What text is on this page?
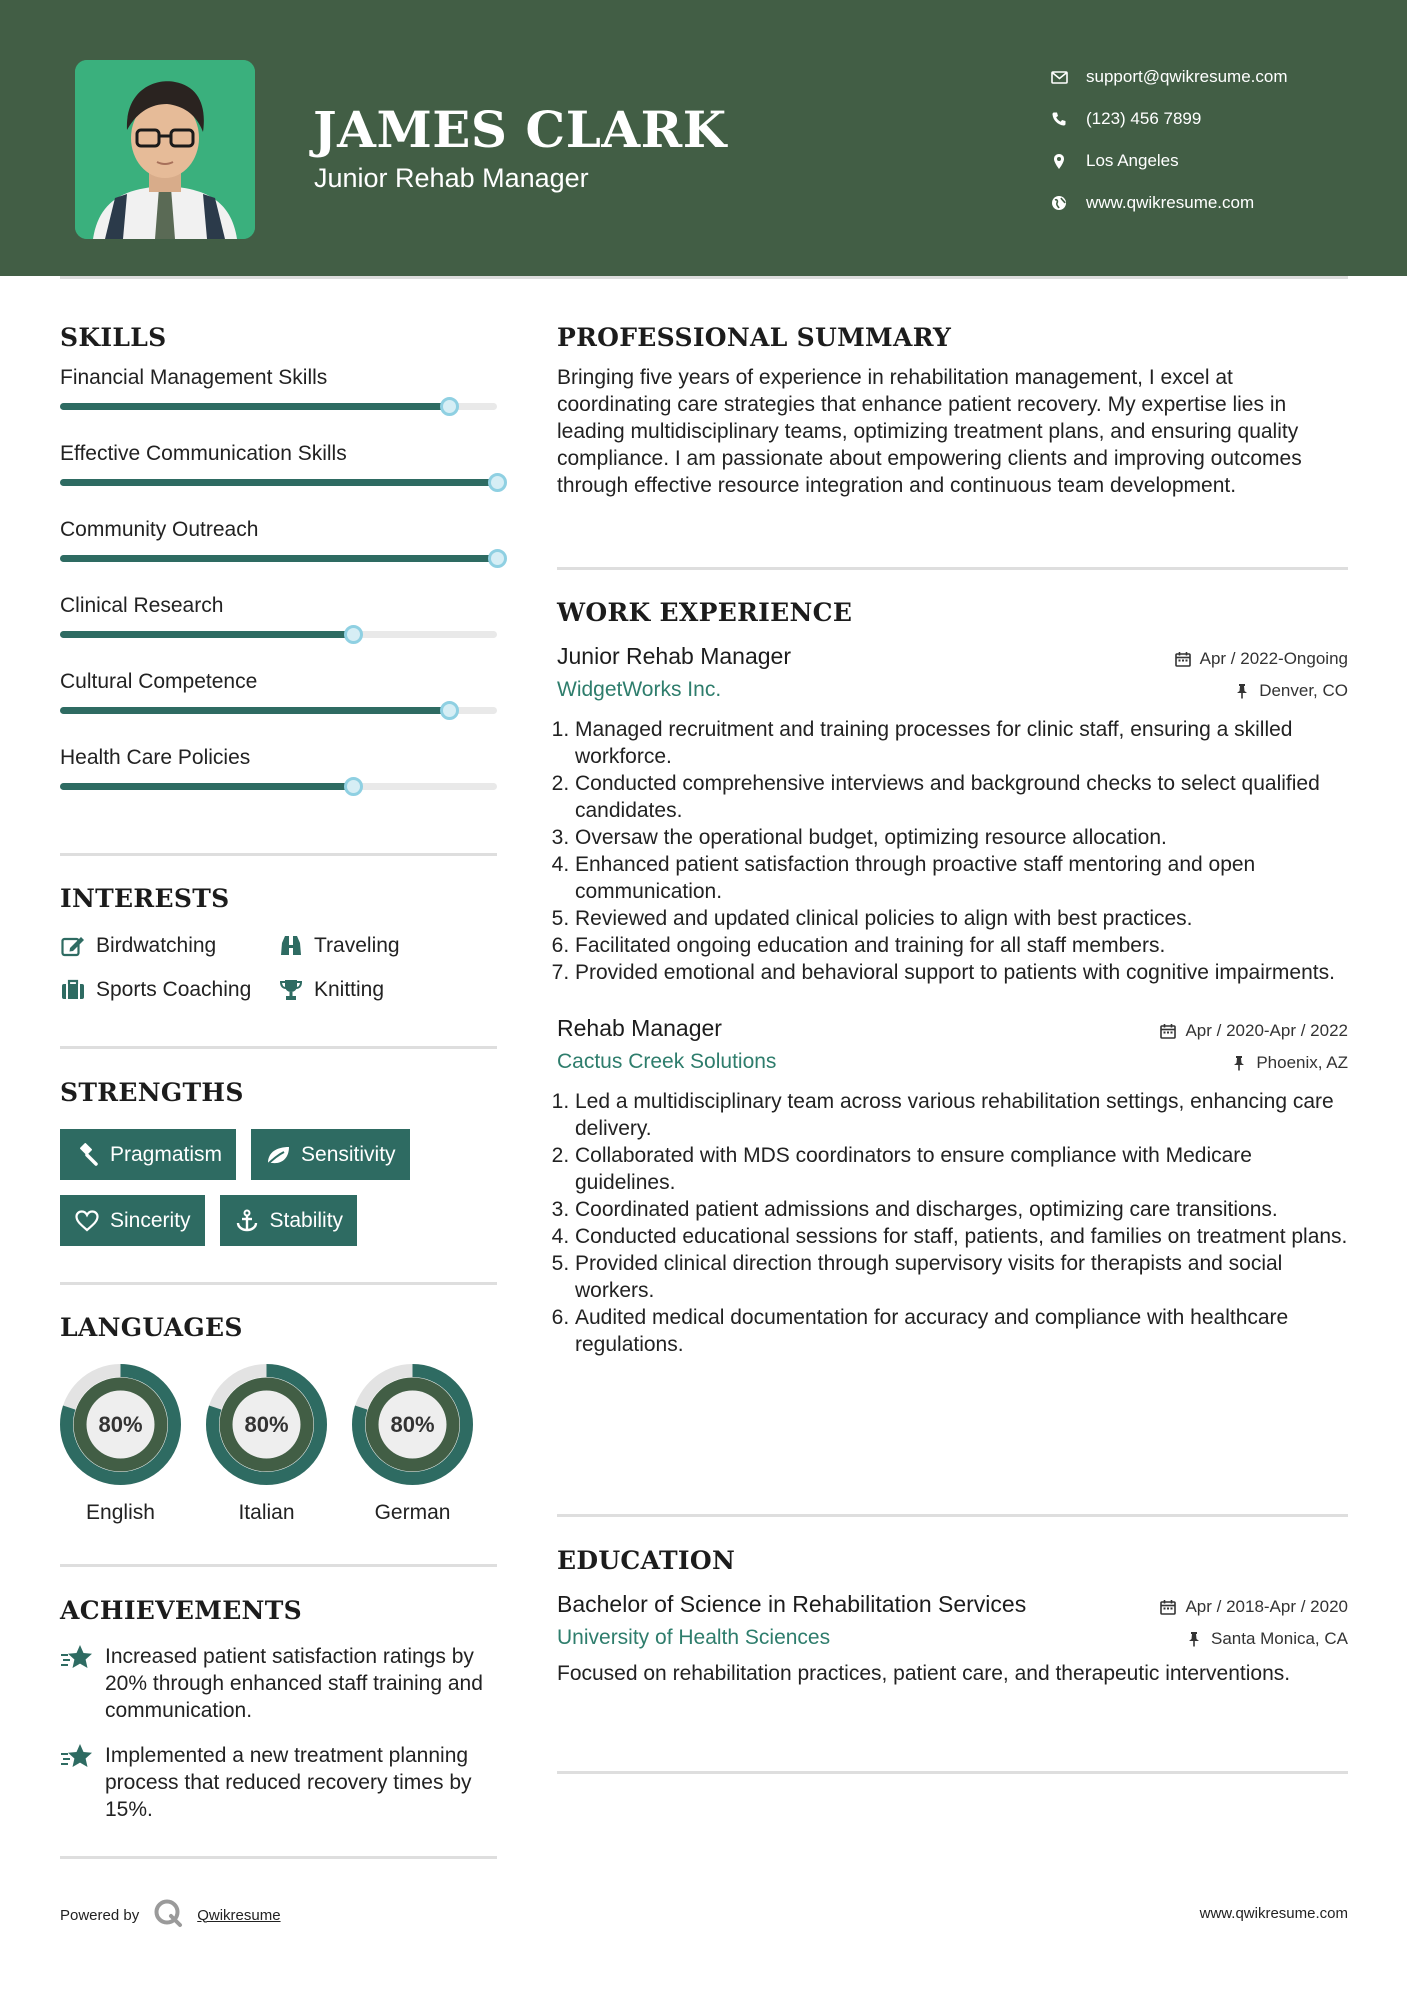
JAMES CLARK
Junior Rehab Manager
support@qwikresume.com
(123) 456 7899
Los Angeles
www.qwikresume.com
SKILLS
Financial Management Skills
Effective Communication Skills
Community Outreach
Clinical Research
Cultural Competence
Health Care Policies
INTERESTS
Birdwatching	Traveling
Sports Coaching	Knitting
STRENGTHS
Pragmatism	Sensitivity
Sincerity	Stability
LANGUAGES
80%
English
80%
Italian
80%
German
ACHIEVEMENTS
Increased patient satisfaction ratings by 20% through enhanced staff training and communication.
Implemented a new treatment planning process that reduced recovery times by 15%.
PROFESSIONAL SUMMARY
Bringing five years of experience in rehabilitation management, I excel at coordinating care strategies that enhance patient recovery. My expertise lies in leading multidisciplinary teams, optimizing treatment plans, and ensuring quality compliance. I am passionate about empowering clients and improving outcomes through effective resource integration and continuous team development.
WORK EXPERIENCE
Junior Rehab Manager	Apr / 2022-Ongoing
WidgetWorks Inc.	Denver, CO
1. Managed recruitment and training processes for clinic staff, ensuring a skilled workforce.
2. Conducted comprehensive interviews and background checks to select qualified candidates.
3. Oversaw the operational budget, optimizing resource allocation.
4. Enhanced patient satisfaction through proactive staff mentoring and open communication.
5. Reviewed and updated clinical policies to align with best practices.
6. Facilitated ongoing education and training for all staff members.
7. Provided emotional and behavioral support to patients with cognitive impairments.
Rehab Manager	Apr / 2020-Apr / 2022
Cactus Creek Solutions	Phoenix, AZ
1. Led a multidisciplinary team across various rehabilitation settings, enhancing care delivery.
2. Collaborated with MDS coordinators to ensure compliance with Medicare guidelines.
3. Coordinated patient admissions and discharges, optimizing care transitions.
4. Conducted educational sessions for staff, patients, and families on treatment plans.
5. Provided clinical direction through supervisory visits for therapists and social workers.
6. Audited medical documentation for accuracy and compliance with healthcare regulations.
EDUCATION
Bachelor of Science in Rehabilitation Services	Apr / 2018-Apr / 2020
University of Health Sciences	Santa Monica, CA
Focused on rehabilitation practices, patient care, and therapeutic interventions.
Powered by	Qwikresume	www.qwikresume.com
